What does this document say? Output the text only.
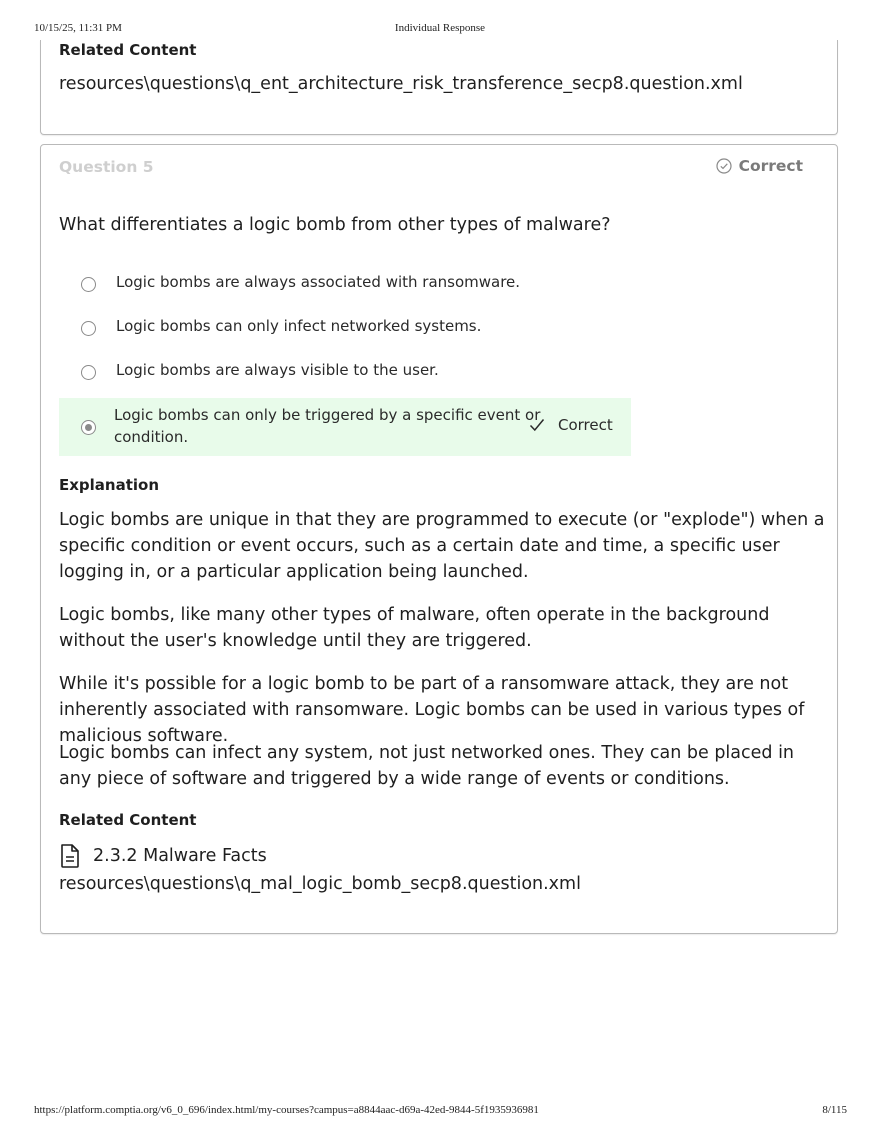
10/15/25, 11:31 PM	Individual Response
Related Content
resources\questions\q_ent_architecture_risk_transference_secp8.question.xml
Question 5	Correct
What differentiates a logic bomb from other types of malware?
Logic bombs are always associated with ransomware.
Logic bombs can only infect networked systems.
Logic bombs are always visible to the user.
Logic bombs can only be triggered by a specific event or
condition.
Correct
Explanation
Logic bombs are unique in that they are programmed to execute (or "explode") when a specific condition or event occurs, such as a certain date and time, a specific user logging in, or a particular application being launched.
Logic bombs, like many other types of malware, often operate in the background without the user's knowledge until they are triggered.
While it's possible for a logic bomb to be part of a ransomware attack, they are not inherently associated with ransomware. Logic bombs can be used in various types of malicious software.
Logic bombs can infect any system, not just networked ones. They can be placed in any piece of software and triggered by a wide range of events or conditions.
Related Content
2.3.2 Malware Facts
resources\questions\q_mal_logic_bomb_secp8.question.xml
https://platform.comptia.org/v6_0_696/index.html/my-courses?campus=a8844aac-d69a-42ed-9844-5f1935936981	8/115
